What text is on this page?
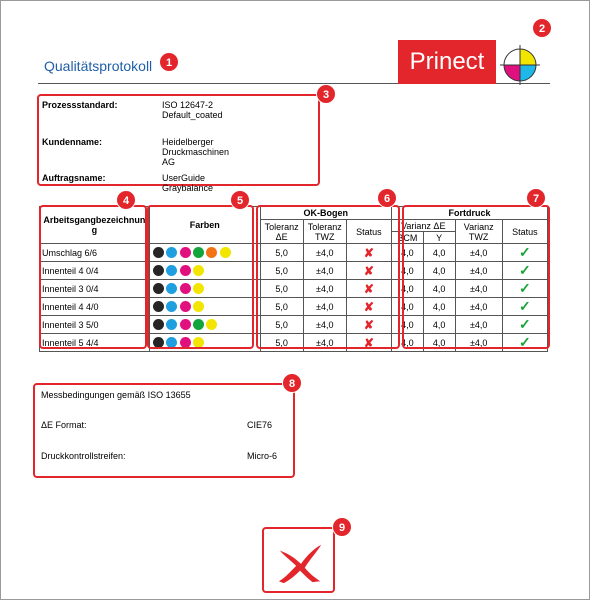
Qualitätsprotokoll	Prinect
Prozessstandard:	ISO 12647-2 Default_coated
Kundenname:	Heidelberger Druckmaschinen AG
Auftragsname:	UserGuide Graybalance
Arbeitsgangbezeichnung	Farben	OK-Bogen			Fortdruck			
		Toleranz ΔE	Toleranz TWZ	Status	Varianz ΔE		Varianz TWZ	Status
					BCM	Y		
Umschlag 6/6		5,0	±4,0	✘	4,0	4,0	±4,0	✓
Innenteil 4 0/4		5,0	±4,0	✘	4,0	4,0	±4,0	✓
Innenteil 3 0/4		5,0	±4,0	✘	4,0	4,0	±4,0	✓
Innenteil 4 4/0		5,0	±4,0	✘	4,0	4,0	±4,0	✓
Innenteil 3 5/0		5,0	±4,0	✘	4,0	4,0	±4,0	✓
Innenteil 5 4/4		5,0	±4,0	✘	4,0	4,0	±4,0	✓
Messbedingungen gemäß ISO 13655
ΔE Format:	CIE76
Druckkontrollstreifen:	Micro-6
1
2
3
4	5	6	7
8
9
